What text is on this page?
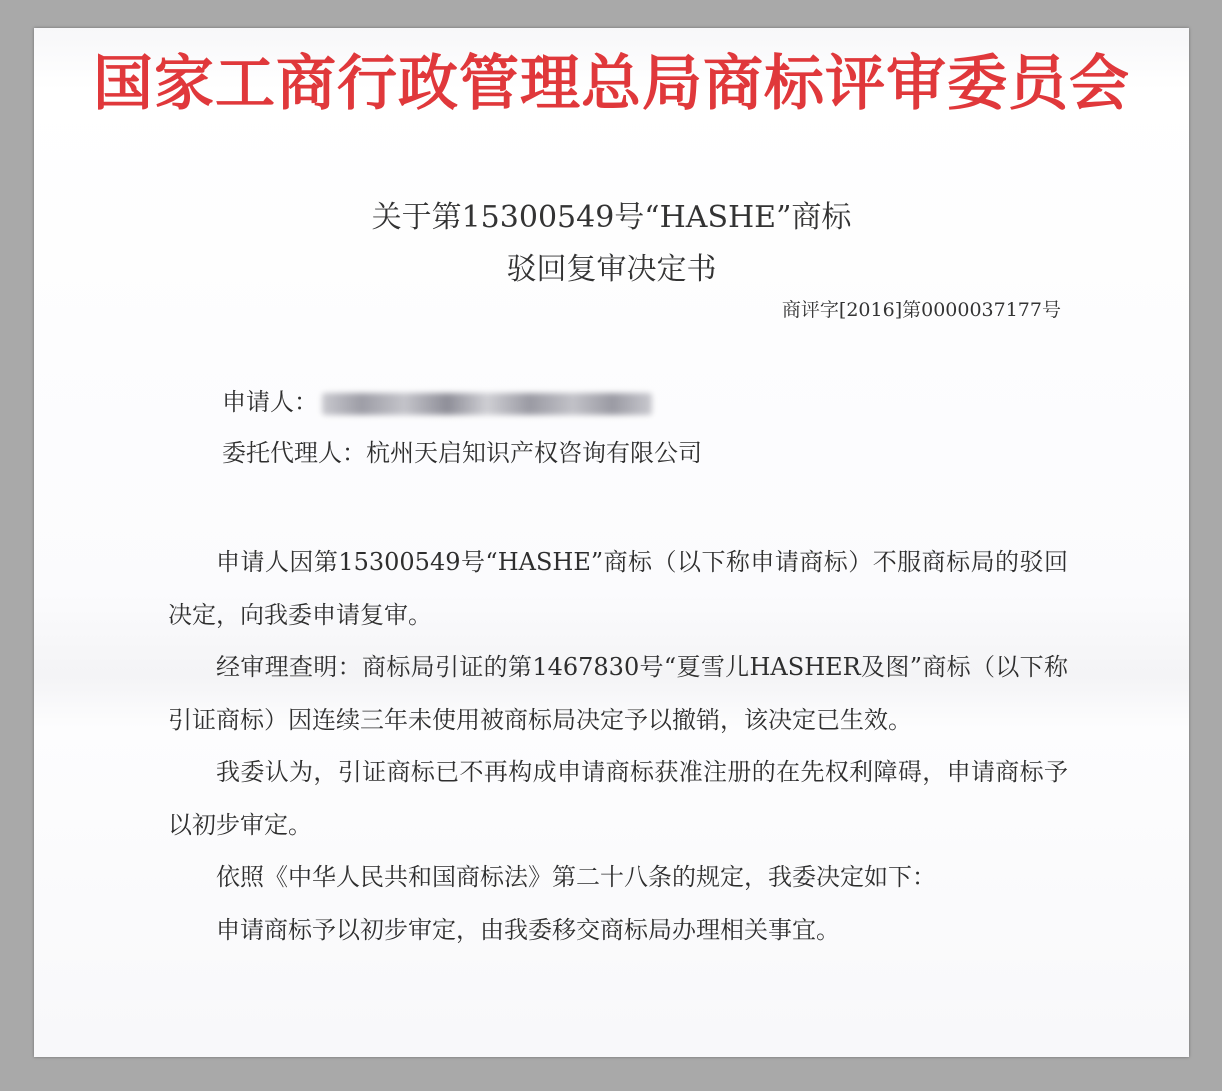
国家工商行政管理总局商标评审委员会
关于第15300549号“HASHE”商标
驳回复审决定书
商评字[2016]第0000037177号
申请人：
委托代理人：杭州天启知识产权咨询有限公司

申请人因第15300549号“HASHE”商标（以下称申请商标）不服商标局的驳回决定，向我委申请复审。

经审理查明：商标局引证的第1467830号“夏雪儿HASHER及图”商标（以下称引证商标）因连续三年未使用被商标局决定予以撤销，该决定已生效。

我委认为，引证商标已不再构成申请商标获准注册的在先权利障碍，申请商标予以初步审定。

依照《中华人民共和国商标法》第二十八条的规定，我委决定如下：

申请商标予以初步审定，由我委移交商标局办理相关事宜。
